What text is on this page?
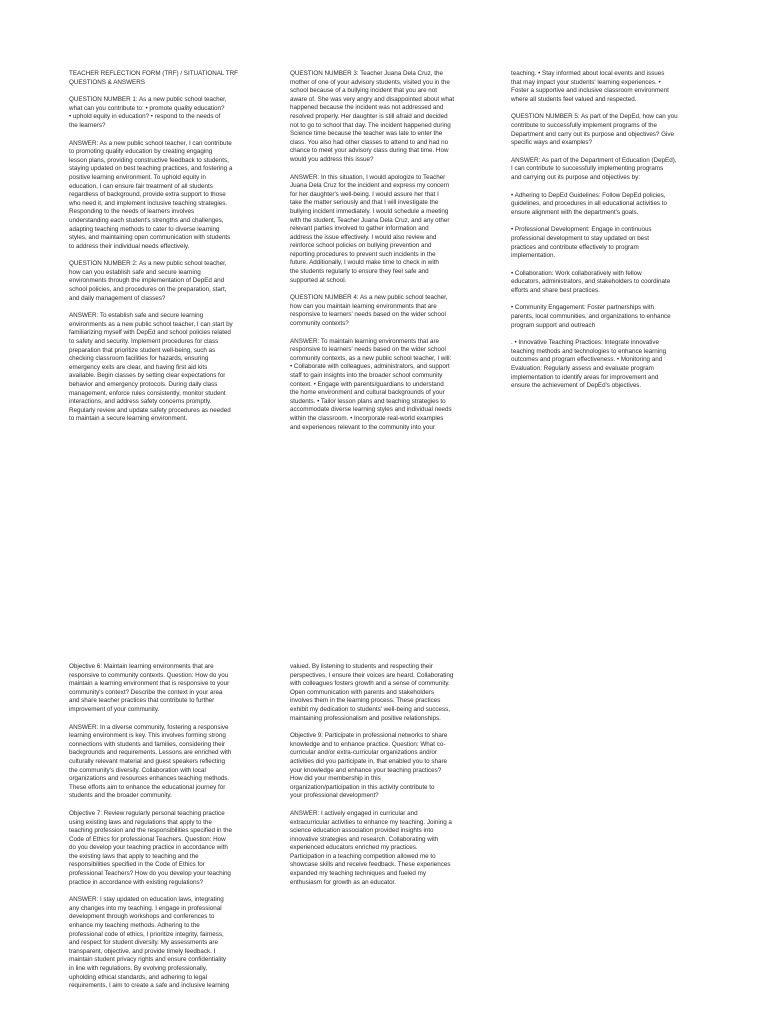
TEACHER REFLECTION FORM (TRF) / SITUATIONAL TRF
QUESTIONS & ANSWERS

QUESTION NUMBER 1: As a new public school teacher,
what can you contribute to: • promote quality education?
• uphold equity in education? • respond to the needs of
the learners?

ANSWER: As a new public school teacher, I can contribute
to promoting quality education by creating engaging
lesson plans, providing constructive feedback to students,
staying updated on best teaching practices, and fostering a
positive learning environment. To uphold equity in
education, I can ensure fair treatment of all students
regardless of background, provide extra support to those
who need it, and implement inclusive teaching strategies.
Responding to the needs of learners involves
understanding each student's strengths and challenges,
adapting teaching methods to cater to diverse learning
styles, and maintaining open communication with students
to address their individual needs effectively.

QUESTION NUMBER 2: As a new public school teacher,
how can you establish safe and secure learning
environments through the implementation of DepEd and
school policies, and procedures on the preparation, start,
and daily management of classes?

ANSWER: To establish safe and secure learning
environments as a new public school teacher, I can start by
familiarizing myself with DepEd and school policies related
to safety and security. Implement procedures for class
preparation that prioritize student well-being, such as
checking classroom facilities for hazards, ensuring
emergency exits are clear, and having first aid kits
available. Begin classes by setting clear expectations for
behavior and emergency protocols. During daily class
management, enforce rules consistently, monitor student
interactions, and address safety concerns promptly.
Regularly review and update safety procedures as needed
to maintain a secure learning environment.

QUESTION NUMBER 3: Teacher Juana Dela Cruz, the
mother of one of your advisory students, visited you in the
school because of a bullying incident that you are not
aware of. She was very angry and disappointed about what
happened because the incident was not addressed and
resolved properly. Her daughter is still afraid and decided
not to go to school that day. The incident happened during
Science time because the teacher was late to enter the
class. You also had other classes to attend to and had no
chance to meet your advisory class during that time. How
would you address this issue?

ANSWER: In this situation, I would apologize to Teacher
Juana Dela Cruz for the incident and express my concern
for her daughter's well-being. I would assure her that I
take the matter seriously and that I will investigate the
bullying incident immediately. I would schedule a meeting
with the student, Teacher Juana Dela Cruz, and any other
relevant parties involved to gather information and
address the issue effectively. I would also review and
reinforce school policies on bullying prevention and
reporting procedures to prevent such incidents in the
future. Additionally, I would make time to check in with
the students regularly to ensure they feel safe and
supported at school.

QUESTION NUMBER 4: As a new public school teacher,
how can you maintain learning environments that are
responsive to learners' needs based on the wider school
community contexts?

ANSWER: To maintain learning environments that are
responsive to learners' needs based on the wider school
community contexts, as a new public school teacher, I will:
• Collaborate with colleagues, administrators, and support
staff to gain insights into the broader school community
context. • Engage with parents/guardians to understand
the home environment and cultural backgrounds of your
students. • Tailor lesson plans and teaching strategies to
accommodate diverse learning styles and individual needs
within the classroom. • Incorporate real-world examples
and experiences relevant to the community into your

teaching. • Stay informed about local events and issues
that may impact your students' learning experiences. •
Foster a supportive and inclusive classroom environment
where all students feel valued and respected.

QUESTION NUMBER 5: As part of the DepEd, how can you
contribute to successfully implement programs of the
Department and carry out its purpose and objectives? Give
specific ways and examples?

ANSWER: As part of the Department of Education (DepEd),
I can contribute to successfully implementing programs
and carrying out its purpose and objectives by:

• Adhering to DepEd Guidelines: Follow DepEd policies,
guidelines, and procedures in all educational activities to
ensure alignment with the department's goals.

• Professional Development: Engage in continuous
professional development to stay updated on best
practices and contribute effectively to program
implementation.

• Collaboration: Work collaboratively with fellow
educators, administrators, and stakeholders to coordinate
efforts and share best practices.

• Community Engagement: Foster partnerships with
parents, local communities, and organizations to enhance
program support and outreach

. • Innovative Teaching Practices: Integrate innovative
teaching methods and technologies to enhance learning
outcomes and program effectiveness. • Monitoring and
Evaluation: Regularly assess and evaluate program
implementation to identify areas for improvement and
ensure the achievement of DepEd's objectives.

Objective 6: Maintain learning environments that are
responsive to community contexts. Question: How do you
maintain a learning environment that is responsive to your
community's context? Describe the context in your area
and share teacher practices that contribute to further
improvement of your community.

ANSWER: In a diverse community, fostering a responsive
learning environment is key. This involves forming strong
connections with students and families, considering their
backgrounds and requirements. Lessons are enriched with
culturally relevant material and guest speakers reflecting
the community's diversity. Collaboration with local
organizations and resources enhances teaching methods.
These efforts aim to enhance the educational journey for
students and the broader community.

Objective 7: Review regularly personal teaching practice
using existing laws and regulations that apply to the
teaching profession and the responsibilities specified in the
Code of Ethics for professional Teachers. Question: How
do you develop your teaching practice in accordance with
the existing laws that apply to teaching and the
responsibilities specified in the Code of Ethics for
professional Teachers? How do you develop your teaching
practice in accordance with existing regulations?

ANSWER: I stay updated on education laws, integrating
any changes into my teaching. I engage in professional
development through workshops and conferences to
enhance my teaching methods. Adhering to the
professional code of ethics, I prioritize integrity, fairness,
and respect for student diversity. My assessments are
transparent, objective, and provide timely feedback. I
maintain student privacy rights and ensure confidentiality
in line with regulations. By evolving professionally,
upholding ethical standards, and adhering to legal
requirements, I aim to create a safe and inclusive learning

valued. By listening to students and respecting their
perspectives, I ensure their voices are heard. Collaborating
with colleagues fosters growth and a sense of community.
Open communication with parents and stakeholders
involves them in the learning process. These practices
exhibit my dedication to students' well-being and success,
maintaining professionalism and positive relationships.

Objective 9: Participate in professional networks to share
knowledge and to enhance practice. Question: What co-
curricular and/or extra-curricular organizations and/or
activities did you participate in, that enabled you to share
your knowledge and enhance your teaching practices?
How did your membership in this
organization/participation in this activity contribute to
your professional development?

ANSWER: I actively engaged in curricular and
extracurricular activities to enhance my teaching. Joining a
science education association provided insights into
innovative strategies and research. Collaborating with
experienced educators enriched my practices.
Participation in a teaching competition allowed me to
showcase skills and receive feedback. These experiences
expanded my teaching techniques and fueled my
enthusiasm for growth as an educator.
